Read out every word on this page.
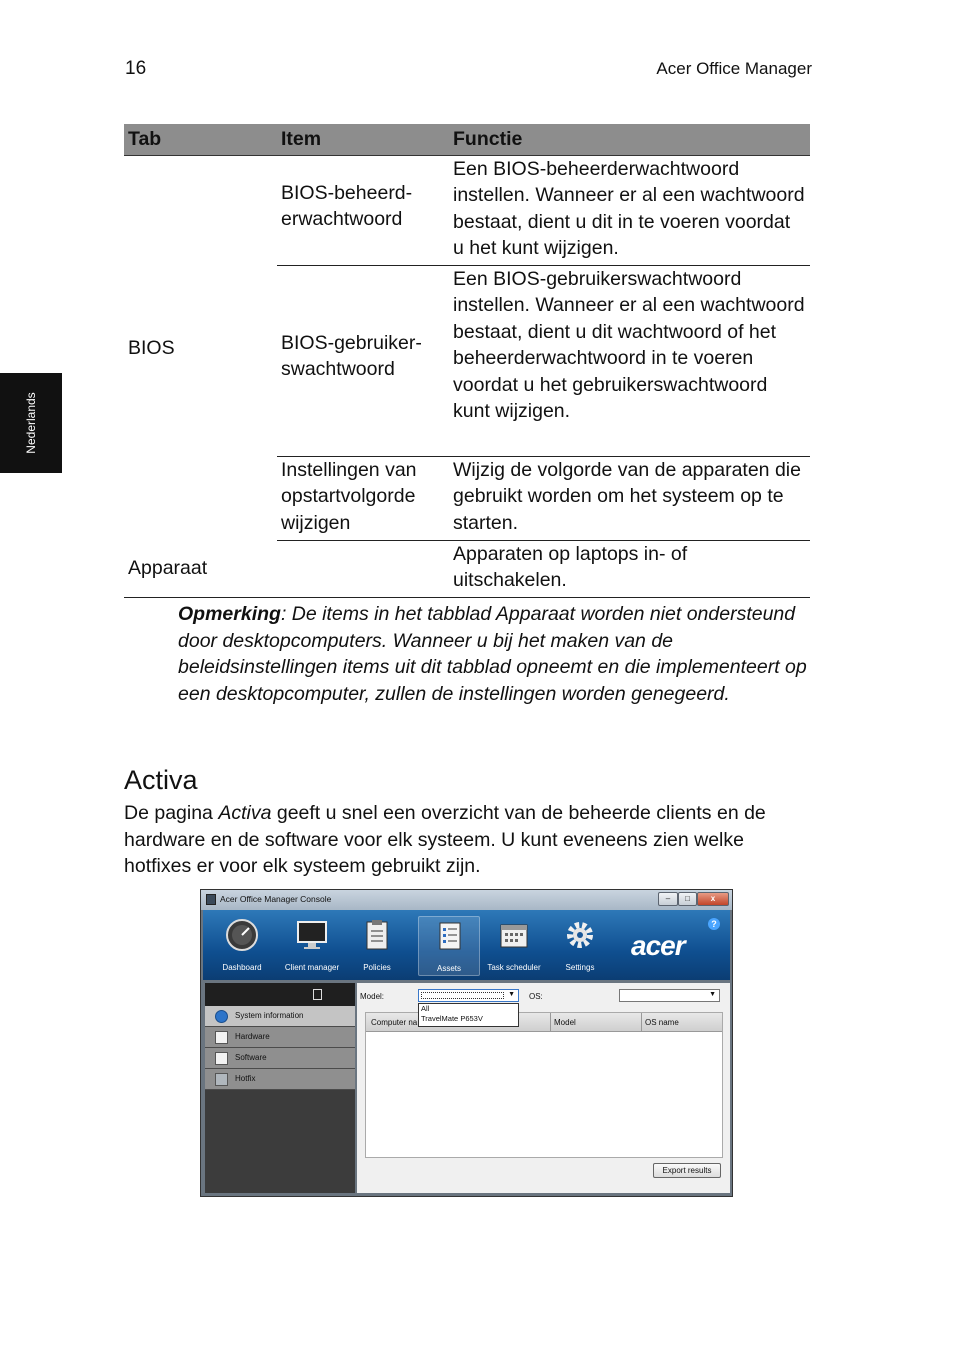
16	Acer Office Manager
Nederlands
Tab	Item	Functie
BIOS	BIOS-beheerd-erwachtwoord	Een BIOS-beheerderwachtwoord instellen. Wanneer er al een wachtwoord bestaat, dient u dit in te voeren voordat u het kunt wijzigen.
	BIOS-gebruiker-swachtwoord	Een BIOS-gebruikerswachtwoord instellen. Wanneer er al een wachtwoord bestaat, dient u dit wachtwoord of het beheerderwachtwoord in te voeren voordat u het gebruikerswachtwoord kunt wijzigen.
	Instellingen van opstartvolgorde wijzigen	Wijzig de volgorde van de apparaten die gebruikt worden om het systeem op te starten.
Apparaat		Apparaten op laptops in- of uitschakelen.
Opmerking: De items in het tabblad Apparaat worden niet ondersteund door desktopcomputers. Wanneer u bij het maken van de beleidsinstellingen items uit dit tabblad opneemt en die implementeert op een desktopcomputer, zullen de instellingen worden genegeerd.
Activa

De pagina Activa geeft u snel een overzicht van de beheerde clients en de hardware en de software voor elk systeem. U kunt eveneens zien welke hotfixes er voor elk systeem gebruikt zijn.

Acer Office Manager Console	–	□	x
Dashboard	Client manager	Policies	Assets	Task scheduler	Settings
acer
?
System information
Hardware
Software
Hotfix
Model:	▼
All
TravelMate P653V
OS:	▼
Computer na	Model	OS name
Export results
